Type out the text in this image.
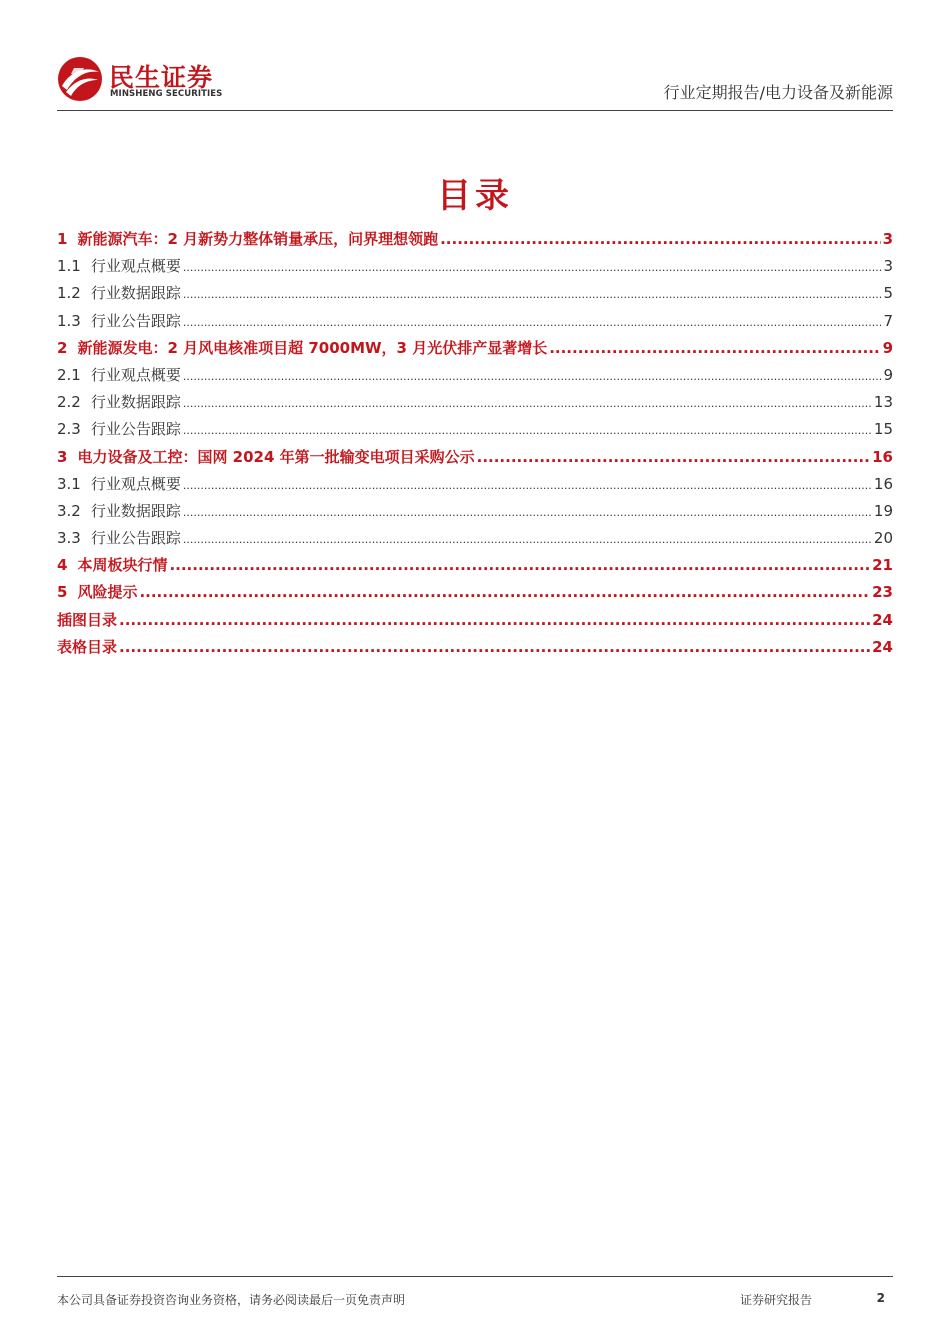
民生证券
MINSHENG SECURITIES	行业定期报告/电力设备及新能源
目录
1 新能源汽车：2 月新势力整体销量承压，问界理想领跑 .....	3
1.1 行业观点概要 .....	3
1.2 行业数据跟踪 .....	5
1.3 行业公告跟踪 .....	7
2 新能源发电：2 月风电核准项目超 7000MW，3 月光伏排产显著增长 .....	9
2.1 行业观点概要 .....	9
2.2 行业数据跟踪 .....	13
2.3 行业公告跟踪 .....	15
3 电力设备及工控：国网 2024 年第一批输变电项目采购公示 .....	16
3.1 行业观点概要 .....	16
3.2 行业数据跟踪 .....	19
3.3 行业公告跟踪 .....	20
4 本周板块行情 .....	21
5 风险提示 .....	23
插图目录 .....	24
表格目录 .....	24
本公司具备证券投资咨询业务资格，请务必阅读最后一页免责声明	证券研究报告	2
